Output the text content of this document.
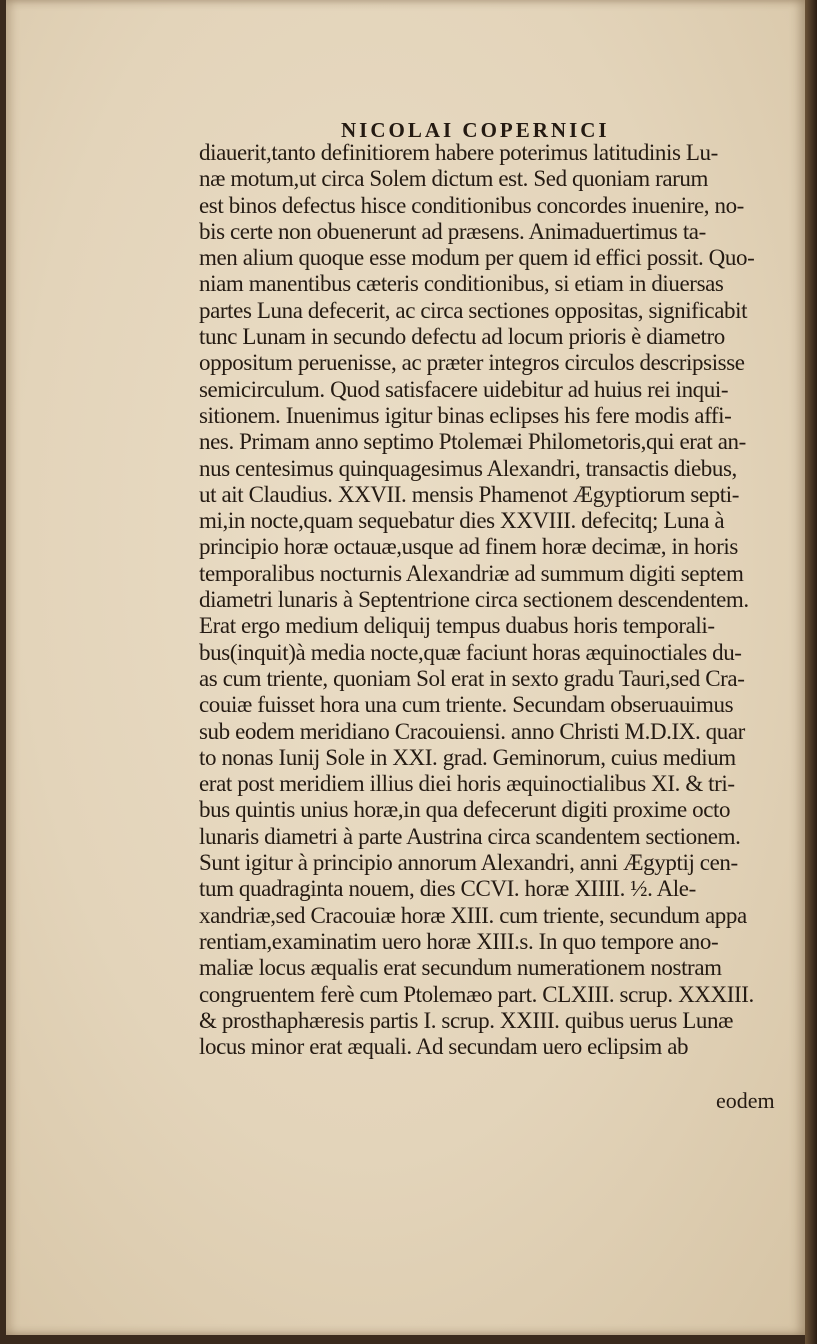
NICOLAI COPERNICI
diauerit,tanto definitiorem habere poterimus latitudinis Lu-
næ motum,ut circa Solem dictum est. Sed quoniam rarum
est binos defectus hisce conditionibus concordes inuenire, no-
bis certe non obuenerunt ad præsens. Animaduertimus ta-
men alium quoque esse modum per quem id effici possit. Quo-
niam manentibus cæteris conditionibus, si etiam in diuersas
partes Luna defecerit, ac circa sectiones oppositas, significabit
tunc Lunam in secundo defectu ad locum prioris è diametro
oppositum peruenisse, ac præter integros circulos descripsisse
semicirculum. Quod satisfacere uidebitur ad huius rei inqui-
sitionem. Inuenimus igitur binas eclipses his fere modis affi-
nes. Primam anno septimo Ptolemæi Philometoris,qui erat an-
nus centesimus quinquagesimus Alexandri, transactis diebus,
ut ait Claudius. XXVII. mensis Phamenot Ægyptiorum septi-
mi,in nocte,quam sequebatur dies XXVIII. defecitq; Luna à
principio horæ octauæ,usque ad finem horæ decimæ, in horis
temporalibus nocturnis Alexandriæ ad summum digiti septem
diametri lunaris à Septentrione circa sectionem descendentem.
Erat ergo medium deliquij tempus duabus horis temporali-
bus(inquit)à media nocte,quæ faciunt horas æquinoctiales du-
as cum triente, quoniam Sol erat in sexto gradu Tauri,sed Cra-
couiæ fuisset hora una cum triente. Secundam obseruauimus
sub eodem meridiano Cracouiensi. anno Christi M.D.IX. quar
to nonas Iunij Sole in XXI. grad. Geminorum, cuius medium
erat post meridiem illius diei horis æquinoctialibus XI. & tri-
bus quintis unius horæ,in qua defecerunt digiti proxime octo
lunaris diametri à parte Austrina circa scandentem sectionem.
Sunt igitur à principio annorum Alexandri, anni Ægyptij cen-
tum quadraginta nouem, dies CCVI. horæ XIIII. ½. Ale-
xandriæ,sed Cracouiæ horæ XIII. cum triente, secundum appa
rentiam,examinatim uero horæ XIII.s. In quo tempore ano-
maliæ locus æqualis erat secundum numerationem nostram
congruentem ferè cum Ptolemæo part. CLXIII. scrup. XXXIII.
& prosthaphæresis partis I. scrup. XXIII. quibus uerus Lunæ
locus minor erat æquali. Ad secundam uero eclipsim ab
eodem
